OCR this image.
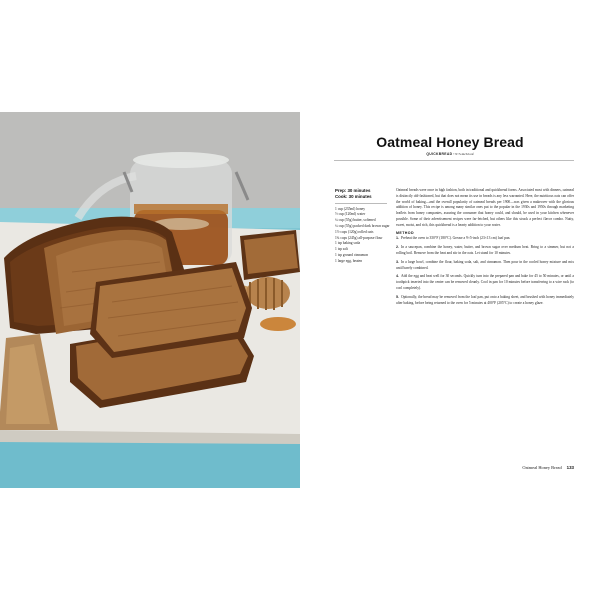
Oatmeal Honey Bread
QUICKBREAD • 9×5-inch loaf
Prep: 30 minutes
Cook: 30 minutes
1 cup (235ml) honey
½ cup (120ml) water
¼ cup (55g) butter, softened
¼ cup (55g) packed dark brown sugar
1½ cups (120g) rolled oats
1¾ cups (245g) all-purpose flour
1 tsp baking soda
1 tsp salt
1 tsp ground cinnamon
1 large egg, beaten

Oatmeal breads were once in high fashion, both in traditional and quickbread forms. Associated most with dinners, oatmeal is distinctly old-fashioned, but that does not mean its use in breads is any less warranted. Here, the nutritious oats can offer the world of baking—and the overall popularity of oatmeal breads per 1900—was given a makeover with the glorious addition of honey. This recipe is among many similar ones put to the popular in the 1930s and 1950s through marketing leaflets from honey companies, assuring the consumer that honey could, and should, be used in your kitchen whenever possible. Some of their advertisement recipes were far-fetched, but others like this struck a perfect flavor combo. Nutty, sweet, moist, and rich, this quickbread is a hearty addition to your roster.

METHOD
1. Preheat the oven to 350°F (180°C). Grease a 9×5-inch (23×13 cm) loaf pan.
2. In a saucepan, combine the honey, water, butter, and brown sugar over medium heat. Bring to a simmer, but not a rolling boil. Remove from the heat and stir in the oats. Let stand for 10 minutes.
3. In a large bowl, combine the flour, baking soda, salt, and cinnamon. Then pour in the cooled honey mixture and mix until barely combined.
4. Add the egg and beat well for 30 seconds. Quickly turn into the prepared pan and bake for 45 to 50 minutes, or until a toothpick inserted into the center can be removed cleanly. Cool in pan for 10 minutes before transferring to a wire rack (to cool completely).
5. Optionally, the bread may be removed from the loaf pan, put onto a baking sheet, and brushed with honey immediately after baking, before being returned to the oven for 5 minutes at 400°F (205°C) to create a honey glaze.
Oatmeal Honey Bread 133
